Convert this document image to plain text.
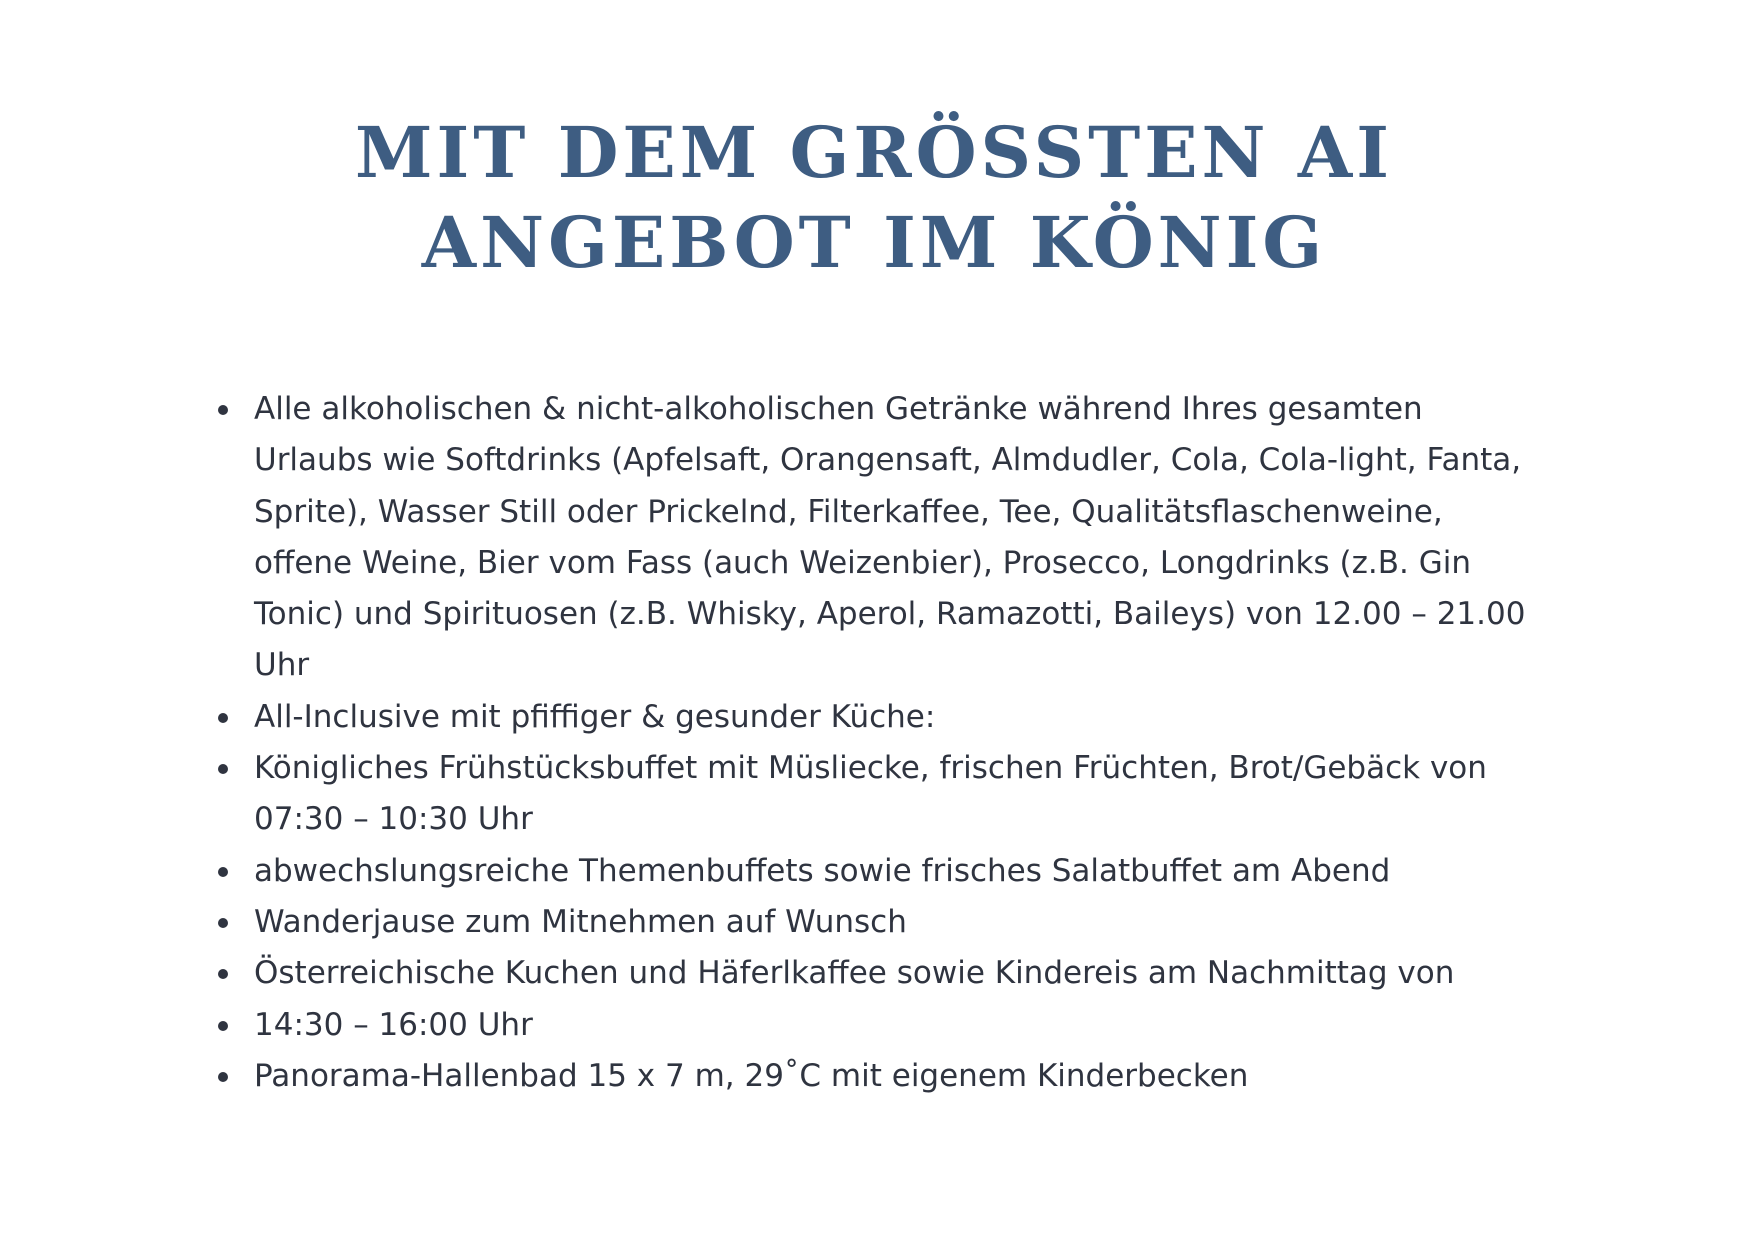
MIT DEM GRÖSSTEN AI
ANGEBOT IM KÖNIG
Alle alkoholischen & nicht-alkoholischen Getränke während Ihres gesamten Urlaubs wie Softdrinks (Apfelsaft, Orangensaft, Almdudler, Cola, Cola-light, Fanta, Sprite), Wasser Still oder Prickelnd, Filterkaffee, Tee, Qualitätsflaschenweine, offene Weine, Bier vom Fass (auch Weizenbier), Prosecco, Longdrinks (z.B. Gin Tonic) und Spirituosen (z.B. Whisky, Aperol, Ramazotti, Baileys) von 12.00 – 21.00 Uhr
All-Inclusive mit pfiffiger & gesunder Küche:
Königliches Frühstücksbuffet mit Müsliecke, frischen Früchten, Brot/Gebäck von 07:30 – 10:30 Uhr
abwechslungsreiche Themenbuffets sowie frisches Salatbuffet am Abend
Wanderjause zum Mitnehmen auf Wunsch
Österreichische Kuchen und Häferlkaffee sowie Kindereis am Nachmittag von
14:30 – 16:00 Uhr
Panorama-Hallenbad 15 x 7 m, 29˚C mit eigenem Kinderbecken
